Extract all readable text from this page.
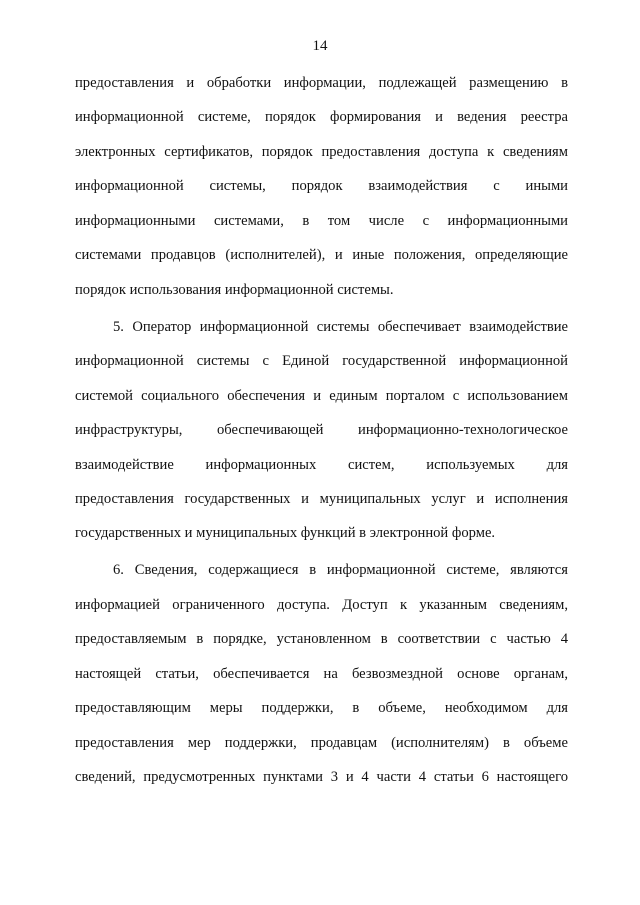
14
предоставления и обработки информации, подлежащей размещению в
информационной системе, порядок формирования и ведения реестра
электронных сертификатов, порядок предоставления доступа к сведениям
информационной системы, порядок взаимодействия с иными
информационными системами, в том числе с информационными
системами продавцов (исполнителей), и иные положения, определяющие
порядок использования информационной системы.
5. Оператор информационной системы обеспечивает взаимодействие
информационной системы с Единой государственной информационной
системой социального обеспечения и единым порталом с использованием
инфраструктуры, обеспечивающей информационно-технологическое
взаимодействие информационных систем, используемых для
предоставления государственных и муниципальных услуг и исполнения
государственных и муниципальных функций в электронной форме.
6. Сведения, содержащиеся в информационной системе, являются
информацией ограниченного доступа. Доступ к указанным сведениям,
предоставляемым в порядке, установленном в соответствии с частью 4
настоящей статьи, обеспечивается на безвозмездной основе органам,
предоставляющим меры поддержки, в объеме, необходимом для
предоставления мер поддержки, продавцам (исполнителям) в объеме
сведений, предусмотренных пунктами 3 и 4 части 4 статьи 6 настоящего
